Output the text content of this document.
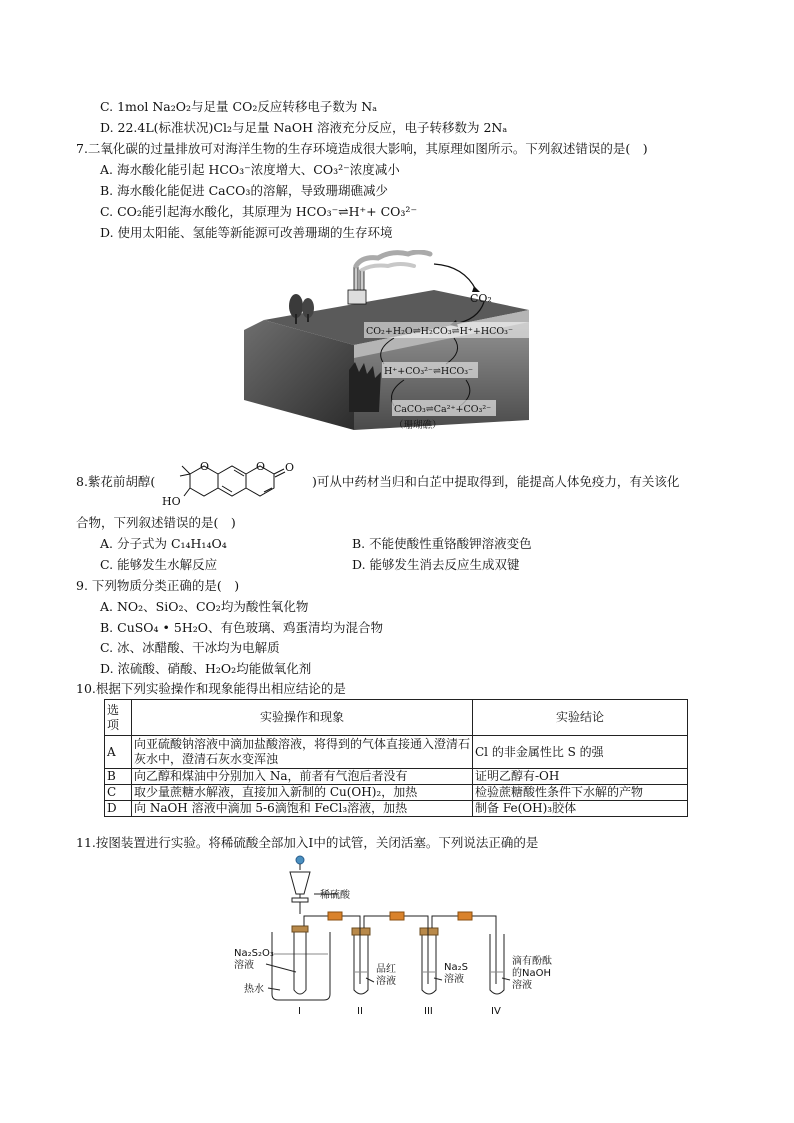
C. 1mol Na₂O₂与足量 CO₂反应转移电子数为 Nₐ
D. 22.4L(标准状况)Cl₂与足量 NaOH 溶液充分反应，电子转移数为 2Nₐ
7.二氧化碳的过量排放可对海洋生物的生存环境造成很大影响，其原理如图所示。下列叙述错误的是(　)
A. 海水酸化能引起 HCO₃⁻浓度增大、CO₃²⁻浓度减小
B. 海水酸化能促进 CaCO₃的溶解，导致珊瑚礁减少
C. CO₂能引起海水酸化，其原理为 HCO₃⁻⇌H⁺+ CO₃²⁻
D. 使用太阳能、氢能等新能源可改善珊瑚的生存环境
CO₂
CO₂+H₂O⇌H₂CO₃⇌H⁺+HCO₃⁻
H⁺+CO₃²⁻⇌HCO₃⁻
CaCO₃⇌Ca²⁺+CO₃²⁻
（珊瑚礁）
8.紫花前胡醇(
O	O O
HO
)可从中药材当归和白芷中提取得到，能提高人体免疫力，有关该化
合物，下列叙述错误的是(　)
A. 分子式为 C₁₄H₁₄O₄	B. 不能使酸性重铬酸钾溶液变色
C. 能够发生水解反应	D. 能够发生消去反应生成双键
9. 下列物质分类正确的是(　)
A. NO₂、SiO₂、CO₂均为酸性氧化物
B. CuSO₄ • 5H₂O、有色玻璃、鸡蛋清均为混合物
C. 冰、冰醋酸、干冰均为电解质
D. 浓硫酸、硝酸、H₂O₂均能做氧化剂
10.根据下列实验操作和现象能得出相应结论的是
选项	实验操作和现象	实验结论
A	向亚硫酸钠溶液中滴加盐酸溶液，将得到的气体直接通入澄清石灰水中，澄清石灰水变浑浊	Cl 的非金属性比 S 的强
B	向乙醇和煤油中分别加入 Na，前者有气泡后者没有	证明乙醇有-OH
C	取少量蔗糖水解液，直接加入新制的 Cu(OH)₂，加热	检验蔗糖酸性条件下水解的产物
D	向 NaOH 溶液中滴加 5-6滴饱和 FeCl₃溶液，加热	制备 Fe(OH)₃胶体
11.按图装置进行实验。将稀硫酸全部加入Ⅰ中的试管，关闭活塞。下列说法正确的是
稀硫酸
Na₂S₂O₃
溶液
热水
品红
溶液
Na₂S
溶液
滴有酚酞
的NaOH
溶液
I	II	III	IV
